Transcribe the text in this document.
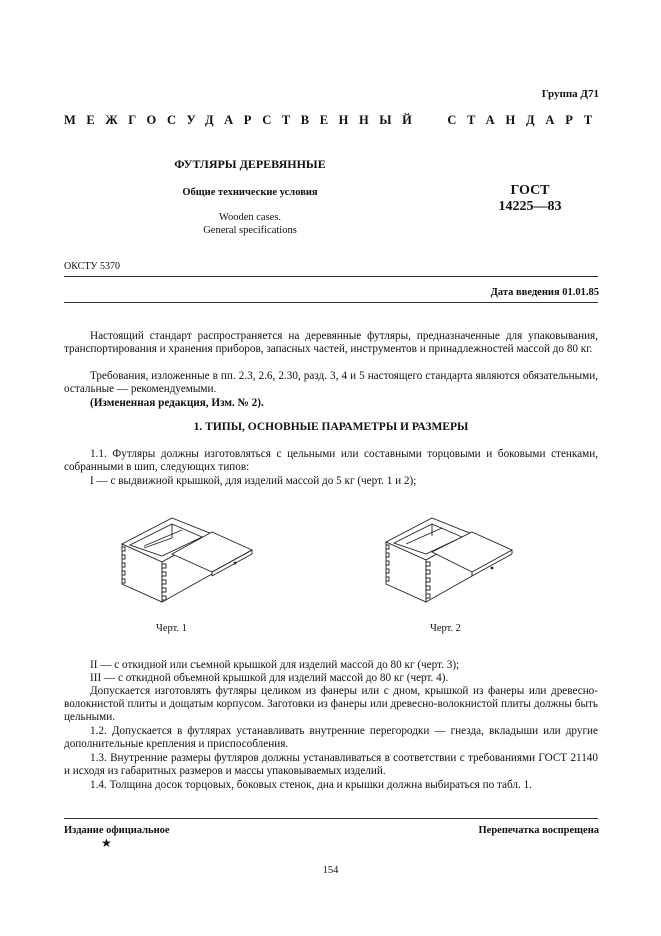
Группа Д71
МЕЖГОСУДАРСТВЕННЫЙ СТАНДАРТ
ФУТЛЯРЫ ДЕРЕВЯННЫЕ
Общие технические условия
Wooden cases.
General specifications
ГОСТ
14225—83
ОКСТУ 5370
Дата введения 01.01.85
Настоящий стандарт распространяется на деревянные футляры, предназначенные для упаковывания, транспортирования и хранения приборов, запасных частей, инструментов и принадлежностей массой до 80 кг.
Требования, изложенные в пп. 2.3, 2.6, 2.30, разд. 3, 4 и 5 настоящего стандарта являются обязательными, остальные — рекомендуемыми.
(Измененная редакция, Изм. № 2).
1. ТИПЫ, ОСНОВНЫЕ ПАРАМЕТРЫ И РАЗМЕРЫ
1.1. Футляры должны изготовляться с цельными или составными торцовыми и боковыми стенками, собранными в шип, следующих типов:
I — с выдвижной крышкой, для изделий массой до 5 кг (черт. 1 и 2);
Черт. 1	Черт. 2
II — с откидной или съемной крышкой для изделий массой до 80 кг (черт. 3);
III — с откидной объемной крышкой для изделий массой до 80 кг (черт. 4).
Допускается изготовлять футляры целиком из фанеры или с дном, крышкой из фанеры или древесно-волокнистой плиты и дощатым корпусом. Заготовки из фанеры или древесно-волокнистой плиты должны быть цельными.
1.2. Допускается в футлярах устанавливать внутренние перегородки — гнезда, вкладыши или другие дополнительные крепления и приспособления.
1.3. Внутренние размеры футляров должны устанавливаться в соответствии с требованиями ГОСТ 21140 и исходя из габаритных размеров и массы упаковываемых изделий.
1.4. Толщина досок торцовых, боковых стенок, дна и крышки должна выбираться по табл. 1.
Издание официальное	Перепечатка воспрещена
★
154
